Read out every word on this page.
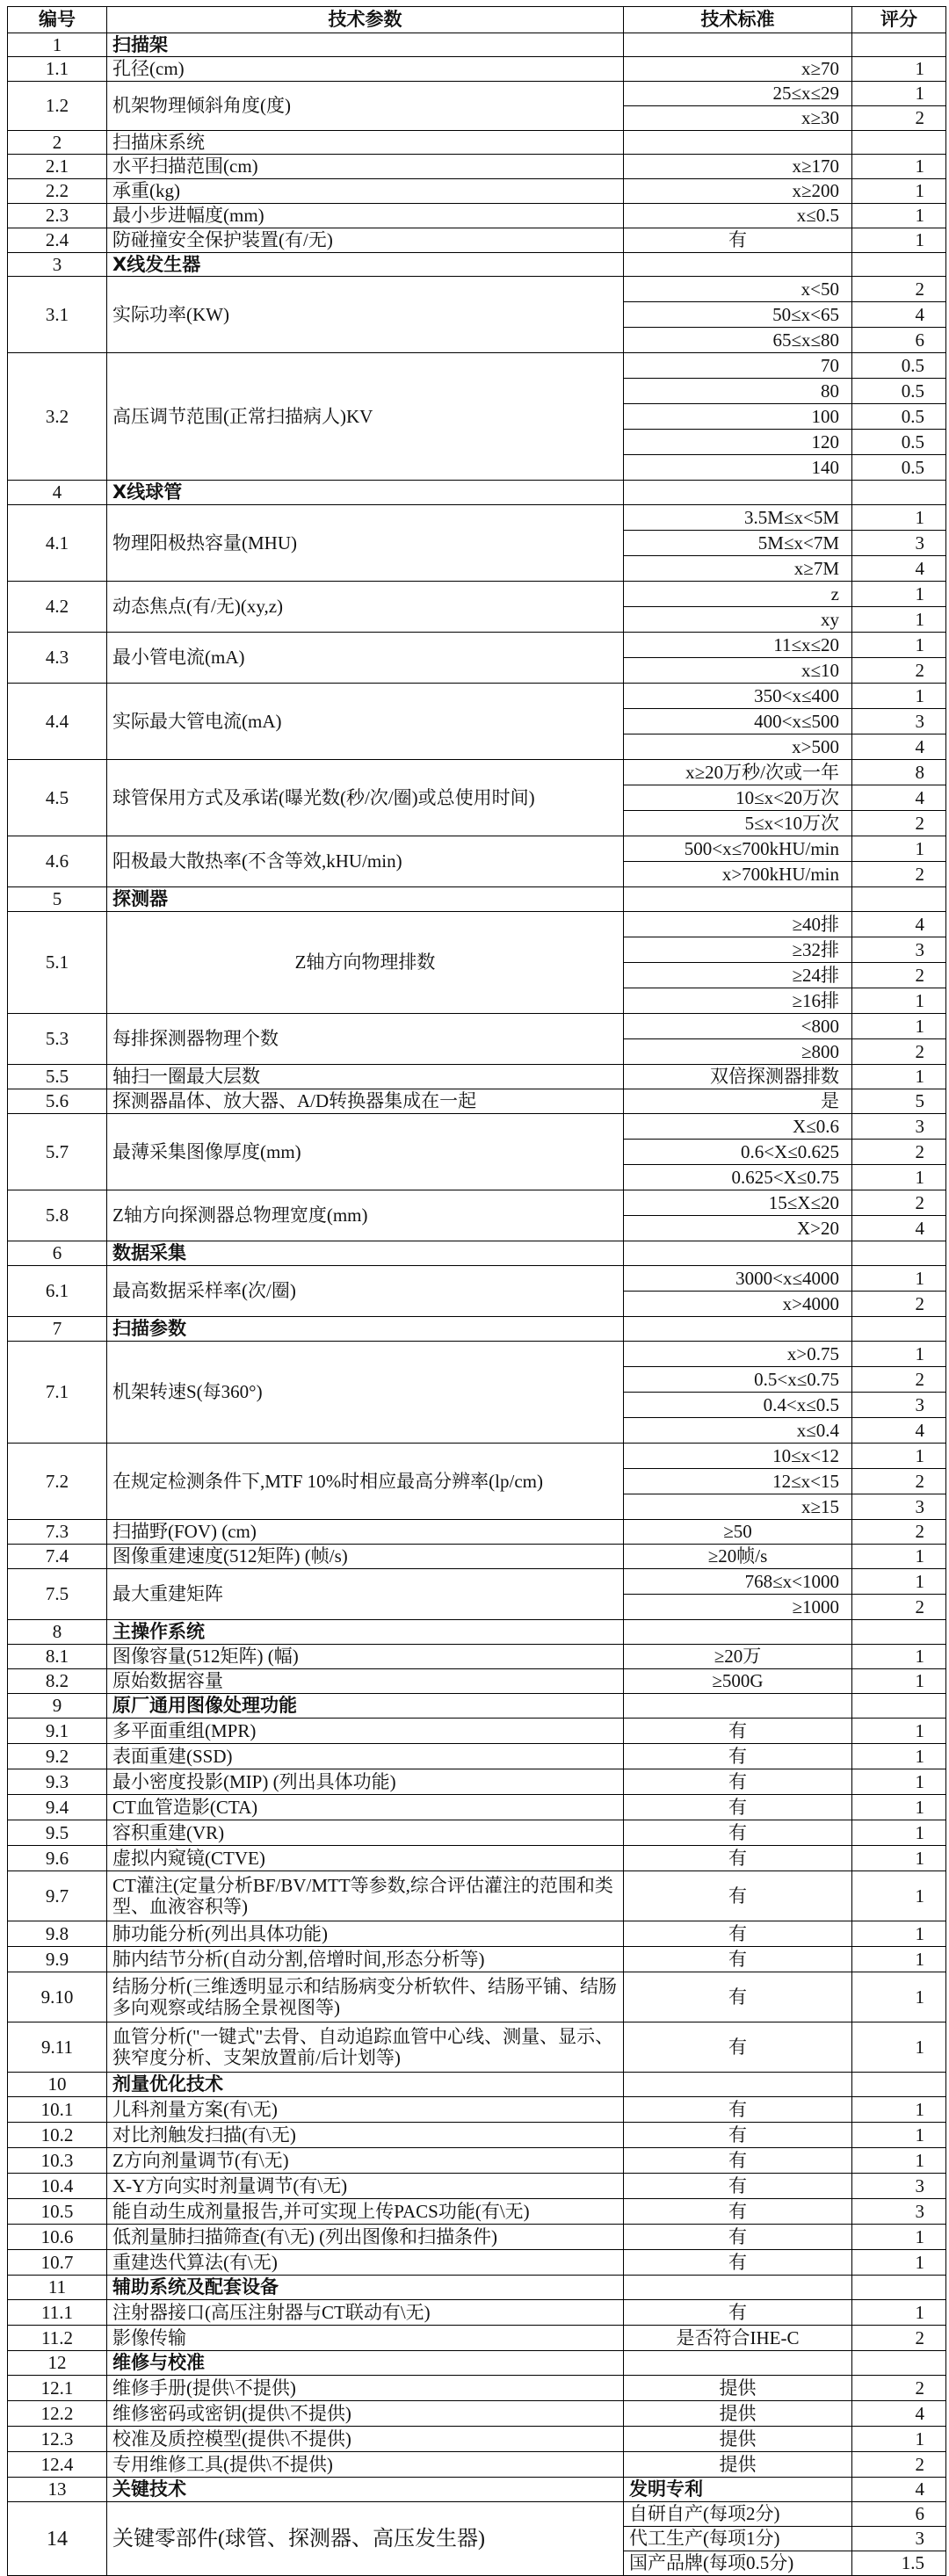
编号	技术参数	技术标准	评分
1	扫描架		
1.1	孔径(cm)	x≥70	1
1.2	机架物理倾斜角度(度)	25≤x≤29	1
		x≥30	2
2	扫描床系统		
2.1	水平扫描范围(cm)	x≥170	1
2.2	承重(kg)	x≥200	1
2.3	最小步进幅度(mm)	x≤0.5	1
2.4	防碰撞安全保护装置(有/无)	有	1
3	X线发生器		
3.1	实际功率(KW)	x<50	2
		50≤x<65	4
		65≤x≤80	6
3.2	高压调节范围(正常扫描病人)KV	70	0.5
		80	0.5
		100	0.5
		120	0.5
		140	0.5
4	X线球管		
4.1	物理阳极热容量(MHU)	3.5M≤x<5M	1
		5M≤x<7M	3
		x≥7M	4
4.2	动态焦点(有/无)(xy,z)	z	1
		xy	1
4.3	最小管电流(mA)	11≤x≤20	1
		x≤10	2
4.4	实际最大管电流(mA)	350<x≤400	1
		400<x≤500	3
		x>500	4
4.5	球管保用方式及承诺(曝光数(秒/次/圈)或总使用时间)	x≥20万秒/次或一年	8
		10≤x<20万次	4
		5≤x<10万次	2
4.6	阳极最大散热率(不含等效,kHU/min)	500<x≤700kHU/min	1
		x>700kHU/min	2
5	探测器		
5.1	Z轴方向物理排数	≥40排	4
		≥32排	3
		≥24排	2
		≥16排	1
5.3	每排探测器物理个数	<800	1
		≥800	2
5.5	轴扫一圈最大层数	双倍探测器排数	1
5.6	探测器晶体、放大器、A/D转换器集成在一起	是	5
5.7	最薄采集图像厚度(mm)	X≤0.6	3
		0.6<X≤0.625	2
		0.625<X≤0.75	1
5.8	Z轴方向探测器总物理宽度(mm)	15≤X≤20	2
		X>20	4
6	数据采集		
6.1	最高数据采样率(次/圈)	3000<x≤4000	1
		x>4000	2
7	扫描参数		
7.1	机架转速S(每360°)	x>0.75	1
		0.5<x≤0.75	2
		0.4<x≤0.5	3
		x≤0.4	4
7.2	在规定检测条件下,MTF 10%时相应最高分辨率(lp/cm)	10≤x<12	1
		12≤x<15	2
		x≥15	3
7.3	扫描野(FOV) (cm)	≥50	2
7.4	图像重建速度(512矩阵) (帧/s)	≥20帧/s	1
7.5	最大重建矩阵	768≤x<1000	1
		≥1000	2
8	主操作系统		
8.1	图像容量(512矩阵) (幅)	≥20万	1
8.2	原始数据容量	≥500G	1
9	原厂通用图像处理功能		
9.1	多平面重组(MPR)	有	1
9.2	表面重建(SSD)	有	1
9.3	最小密度投影(MIP) (列出具体功能)	有	1
9.4	CT血管造影(CTA)	有	1
9.5	容积重建(VR)	有	1
9.6	虚拟内窥镜(CTVE)	有	1
9.7	CT灌注(定量分析BF/BV/MTT等参数,综合评估灌注的范围和类型、血液容积等)	有	1
9.8	肺功能分析(列出具体功能)	有	1
9.9	肺内结节分析(自动分割,倍增时间,形态分析等)	有	1
9.10	结肠分析(三维透明显示和结肠病变分析软件、结肠平铺、结肠多向观察或结肠全景视图等)	有	1
9.11	血管分析("一键式"去骨、自动追踪血管中心线、测量、显示、狭窄度分析、支架放置前/后计划等)	有	1
10	剂量优化技术		
10.1	儿科剂量方案(有\无)	有	1
10.2	对比剂触发扫描(有\无)	有	1
10.3	Z方向剂量调节(有\无)	有	1
10.4	X-Y方向实时剂量调节(有\无)	有	3
10.5	能自动生成剂量报告,并可实现上传PACS功能(有\无)	有	3
10.6	低剂量肺扫描筛查(有\无) (列出图像和扫描条件)	有	1
10.7	重建迭代算法(有\无)	有	1
11	辅助系统及配套设备		
11.1	注射器接口(高压注射器与CT联动有\无)	有	1
11.2	影像传输	是否符合IHE-C	2
12	维修与校准		
12.1	维修手册(提供\不提供)	提供	2
12.2	维修密码或密钥(提供\不提供)	提供	4
12.3	校准及质控模型(提供\不提供)	提供	1
12.4	专用维修工具(提供\不提供)	提供	2
13	关键技术	发明专利	4
14	关键零部件(球管、探测器、高压发生器)	自研自产(每项2分)	6
		代工生产(每项1分)	3
		国产品牌(每项0.5分)	1.5
